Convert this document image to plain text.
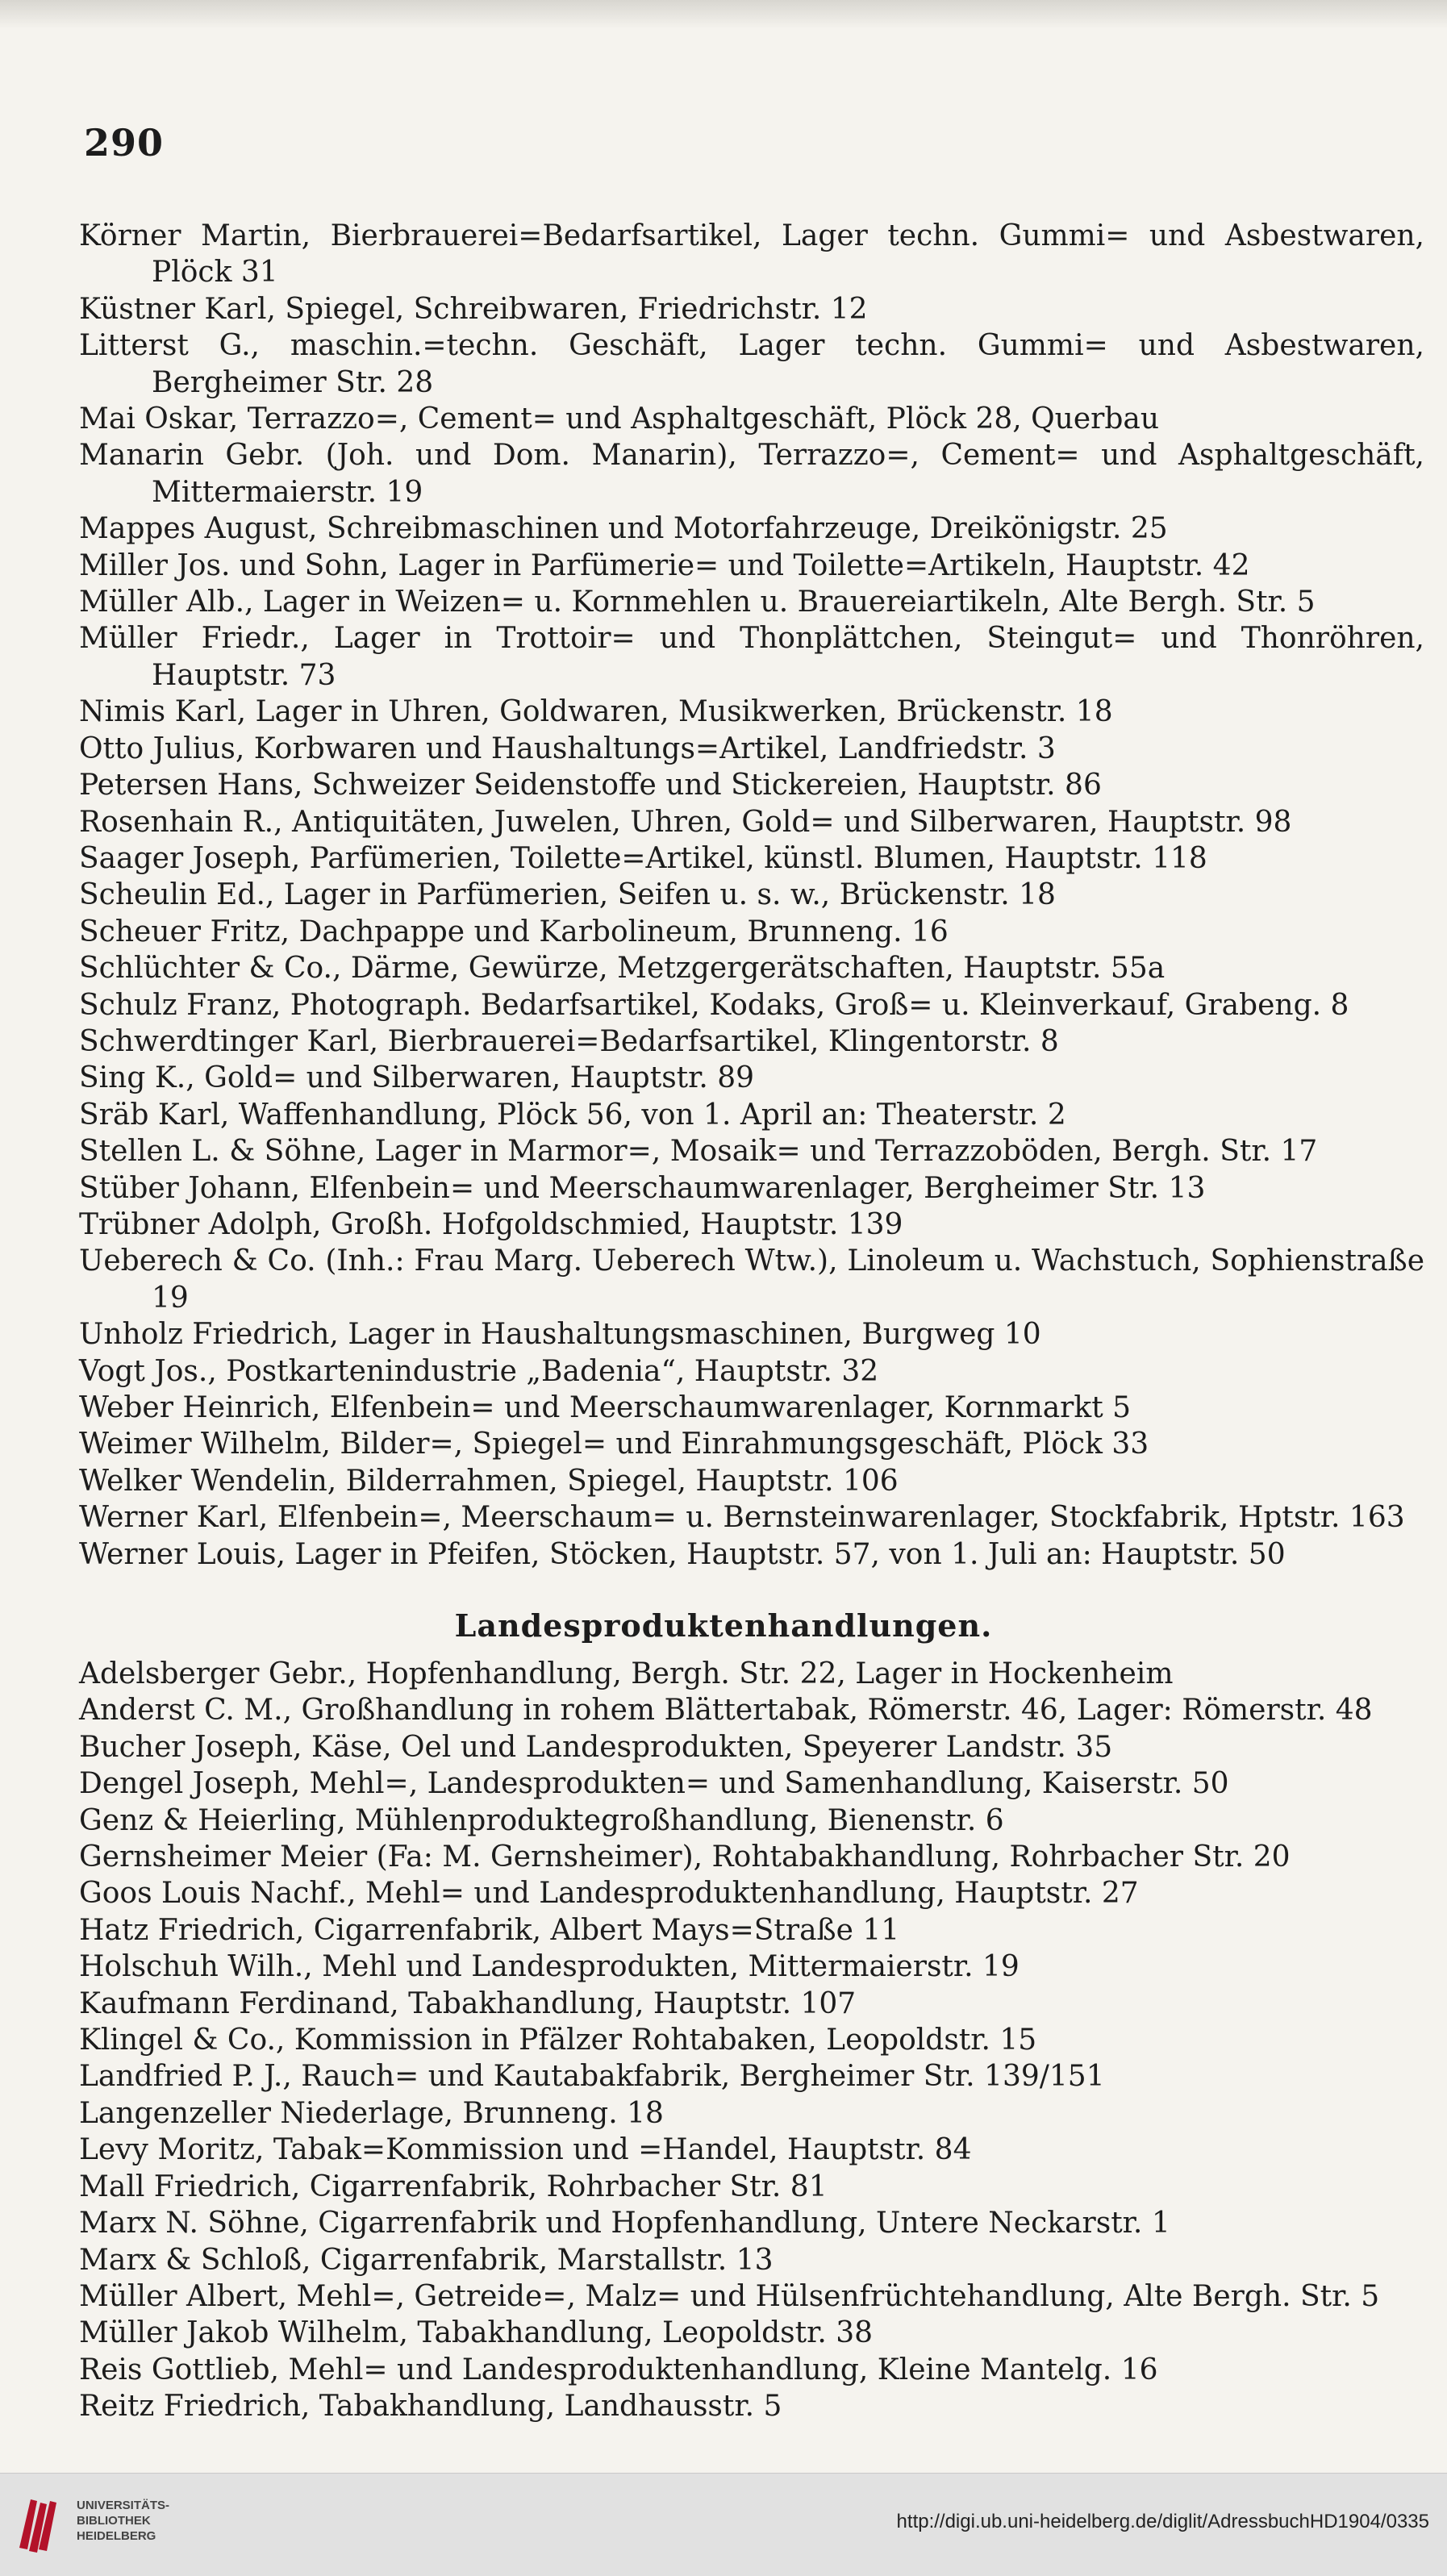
290
Körner Martin, Bierbrauerei=Bedarfsartikel, Lager techn. Gummi= und Asbestwaren, Plöck 31
Küstner Karl, Spiegel, Schreibwaren, Friedrichstr. 12
Litterst G., maschin.=techn. Geschäft, Lager techn. Gummi= und Asbestwaren, Bergheimer Str. 28
Mai Oskar, Terrazzo=, Cement= und Asphaltgeschäft, Plöck 28, Querbau
Manarin Gebr. (Joh. und Dom. Manarin), Terrazzo=, Cement= und Asphaltgeschäft, Mittermaierstr. 19
Mappes August, Schreibmaschinen und Motorfahrzeuge, Dreikönigstr. 25
Miller Jos. und Sohn, Lager in Parfümerie= und Toilette=Artikeln, Hauptstr. 42
Müller Alb., Lager in Weizen= u. Kornmehlen u. Brauereiartikeln, Alte Bergh. Str. 5
Müller Friedr., Lager in Trottoir= und Thonplättchen, Steingut= und Thonröhren, Hauptstr. 73
Nimis Karl, Lager in Uhren, Goldwaren, Musikwerken, Brückenstr. 18
Otto Julius, Korbwaren und Haushaltungs=Artikel, Landfriedstr. 3
Petersen Hans, Schweizer Seidenstoffe und Stickereien, Hauptstr. 86
Rosenhain R., Antiquitäten, Juwelen, Uhren, Gold= und Silberwaren, Hauptstr. 98
Saager Joseph, Parfümerien, Toilette=Artikel, künstl. Blumen, Hauptstr. 118
Scheulin Ed., Lager in Parfümerien, Seifen u. s. w., Brückenstr. 18
Scheuer Fritz, Dachpappe und Karbolineum, Brunneng. 16
Schlüchter & Co., Därme, Gewürze, Metzgergerätschaften, Hauptstr. 55a
Schulz Franz, Photograph. Bedarfsartikel, Kodaks, Groß= u. Kleinverkauf, Grabeng. 8
Schwerdtinger Karl, Bierbrauerei=Bedarfsartikel, Klingentorstr. 8
Sing K., Gold= und Silberwaren, Hauptstr. 89
Sräb Karl, Waffenhandlung, Plöck 56, von 1. April an: Theaterstr. 2
Stellen L. & Söhne, Lager in Marmor=, Mosaik= und Terrazzoböden, Bergh. Str. 17
Stüber Johann, Elfenbein= und Meerschaumwarenlager, Bergheimer Str. 13
Trübner Adolph, Großh. Hofgoldschmied, Hauptstr. 139
Ueberech & Co. (Inh.: Frau Marg. Ueberech Wtw.), Linoleum u. Wachstuch, Sophienstraße 19
Unholz Friedrich, Lager in Haushaltungsmaschinen, Burgweg 10
Vogt Jos., Postkartenindustrie „Badenia“, Hauptstr. 32
Weber Heinrich, Elfenbein= und Meerschaumwarenlager, Kornmarkt 5
Weimer Wilhelm, Bilder=, Spiegel= und Einrahmungsgeschäft, Plöck 33
Welker Wendelin, Bilderrahmen, Spiegel, Hauptstr. 106
Werner Karl, Elfenbein=, Meerschaum= u. Bernsteinwarenlager, Stockfabrik, Hptstr. 163
Werner Louis, Lager in Pfeifen, Stöcken, Hauptstr. 57, von 1. Juli an: Hauptstr. 50
Landesproduktenhandlungen.
Adelsberger Gebr., Hopfenhandlung, Bergh. Str. 22, Lager in Hockenheim
Anderst C. M., Großhandlung in rohem Blättertabak, Römerstr. 46, Lager: Römerstr. 48
Bucher Joseph, Käse, Oel und Landesprodukten, Speyerer Landstr. 35
Dengel Joseph, Mehl=, Landesprodukten= und Samenhandlung, Kaiserstr. 50
Genz & Heierling, Mühlenproduktegroßhandlung, Bienenstr. 6
Gernsheimer Meier (Fa: M. Gernsheimer), Rohtabakhandlung, Rohrbacher Str. 20
Goos Louis Nachf., Mehl= und Landesproduktenhandlung, Hauptstr. 27
Hatz Friedrich, Cigarrenfabrik, Albert Mays=Straße 11
Holschuh Wilh., Mehl und Landesprodukten, Mittermaierstr. 19
Kaufmann Ferdinand, Tabakhandlung, Hauptstr. 107
Klingel & Co., Kommission in Pfälzer Rohtabaken, Leopoldstr. 15
Landfried P. J., Rauch= und Kautabakfabrik, Bergheimer Str. 139/151
Langenzeller Niederlage, Brunneng. 18
Levy Moritz, Tabak=Kommission und =Handel, Hauptstr. 84
Mall Friedrich, Cigarrenfabrik, Rohrbacher Str. 81
Marx N. Söhne, Cigarrenfabrik und Hopfenhandlung, Untere Neckarstr. 1
Marx & Schloß, Cigarrenfabrik, Marstallstr. 13
Müller Albert, Mehl=, Getreide=, Malz= und Hülsenfrüchtehandlung, Alte Bergh. Str. 5
Müller Jakob Wilhelm, Tabakhandlung, Leopoldstr. 38
Reis Gottlieb, Mehl= und Landesproduktenhandlung, Kleine Mantelg. 16
Reitz Friedrich, Tabakhandlung, Landhausstr. 5
UNIVERSITÄTS-
BIBLIOTHEK
HEIDELBERG
http://digi.ub.uni-heidelberg.de/diglit/AdressbuchHD1904/0335
